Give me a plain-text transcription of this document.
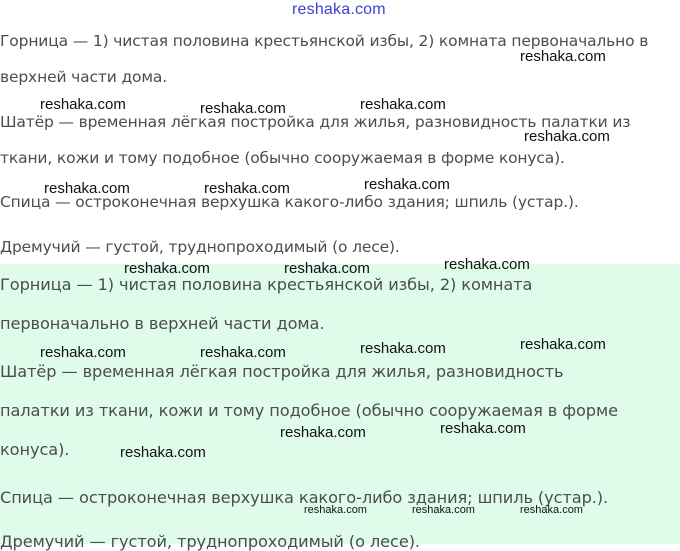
reshaka.com
Горница — 1) чистая половина крестьянской избы, 2) комната первоначально в
верхней части дома.
Шатёр — временная лёгкая постройка для жилья, разновидность палатки из
ткани, кожи и тому подобное (обычно сооружаемая в форме конуса).
Спица — остроконечная верхушка какого-либо здания; шпиль (устар.).
Дремучий — густой, труднопроходимый (о лесе).
Горница — 1) чистая половина крестьянской избы, 2) комната
первоначально в верхней части дома.
Шатёр — временная лёгкая постройка для жилья, разновидность
палатки из ткани, кожи и тому подобное (обычно сооружаемая в форме
конуса).
Спица — остроконечная верхушка какого-либо здания; шпиль (устар.).
Дремучий — густой, труднопроходимый (о лесе).
reshaka.com
reshaka.com	reshaka.com	reshaka.com
reshaka.com
reshaka.com	reshaka.com	reshaka.com
reshaka.com	reshaka.com	reshaka.com
reshaka.com	reshaka.com	reshaka.com	reshaka.com
reshaka.com	reshaka.com
reshaka.com
reshaka.com	reshaka.com	reshaka.com
